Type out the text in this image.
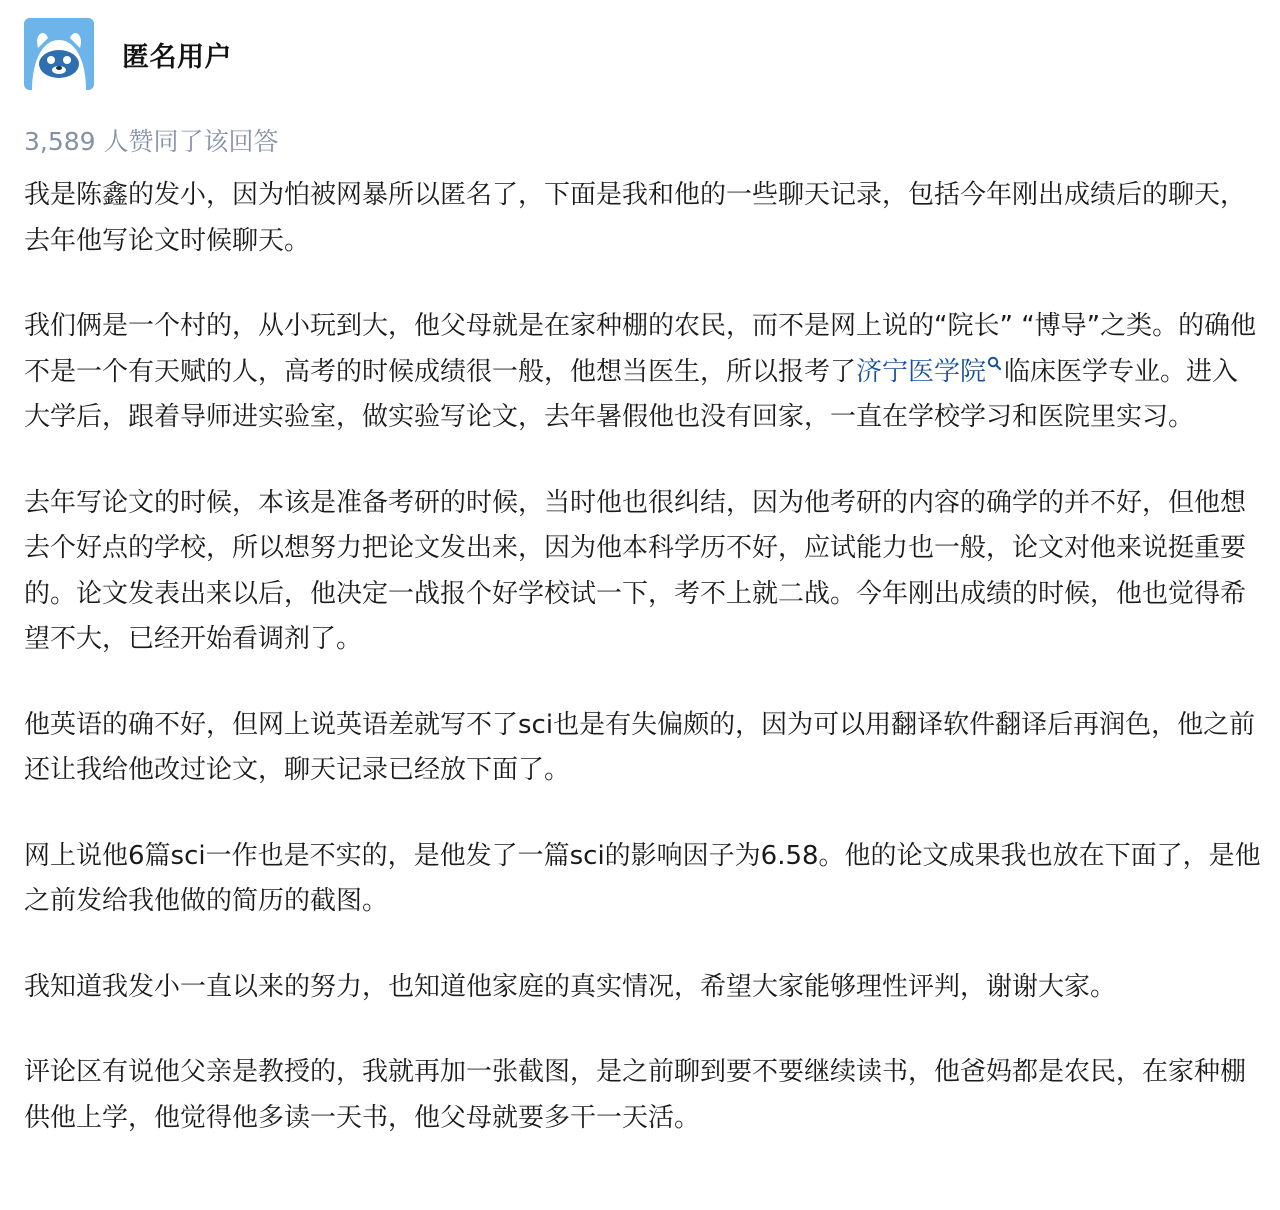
匿名用户
3,589 人赞同了该回答

我是陈鑫的发小，因为怕被网暴所以匿名了，下面是我和他的一些聊天记录，包括今年刚出成绩后的聊天，去年他写论文时候聊天。

我们俩是一个村的，从小玩到大，他父母就是在家种棚的农民，而不是网上说的“院长” “博导”之类。的确他不是一个有天赋的人，高考的时候成绩很一般，他想当医生，所以报考了济宁医学院 临床医学专业。进入大学后，跟着导师进实验室，做实验写论文，去年暑假他也没有回家，一直在学校学习和医院里实习。

去年写论文的时候，本该是准备考研的时候，当时他也很纠结，因为他考研的内容的确学的并不好，但他想去个好点的学校，所以想努力把论文发出来，因为他本科学历不好，应试能力也一般，论文对他来说挺重要的。论文发表出来以后，他决定一战报个好学校试一下，考不上就二战。今年刚出成绩的时候，他也觉得希望不大，已经开始看调剂了。

他英语的确不好，但网上说英语差就写不了sci也是有失偏颇的，因为可以用翻译软件翻译后再润色，他之前还让我给他改过论文，聊天记录已经放下面了。

网上说他6篇sci一作也是不实的，是他发了一篇sci的影响因子为6.58。他的论文成果我也放在下面了，是他之前发给我他做的简历的截图。

我知道我发小一直以来的努力，也知道他家庭的真实情况，希望大家能够理性评判，谢谢大家。

评论区有说他父亲是教授的，我就再加一张截图，是之前聊到要不要继续读书，他爸妈都是农民，在家种棚供他上学，他觉得他多读一天书，他父母就要多干一天活。
